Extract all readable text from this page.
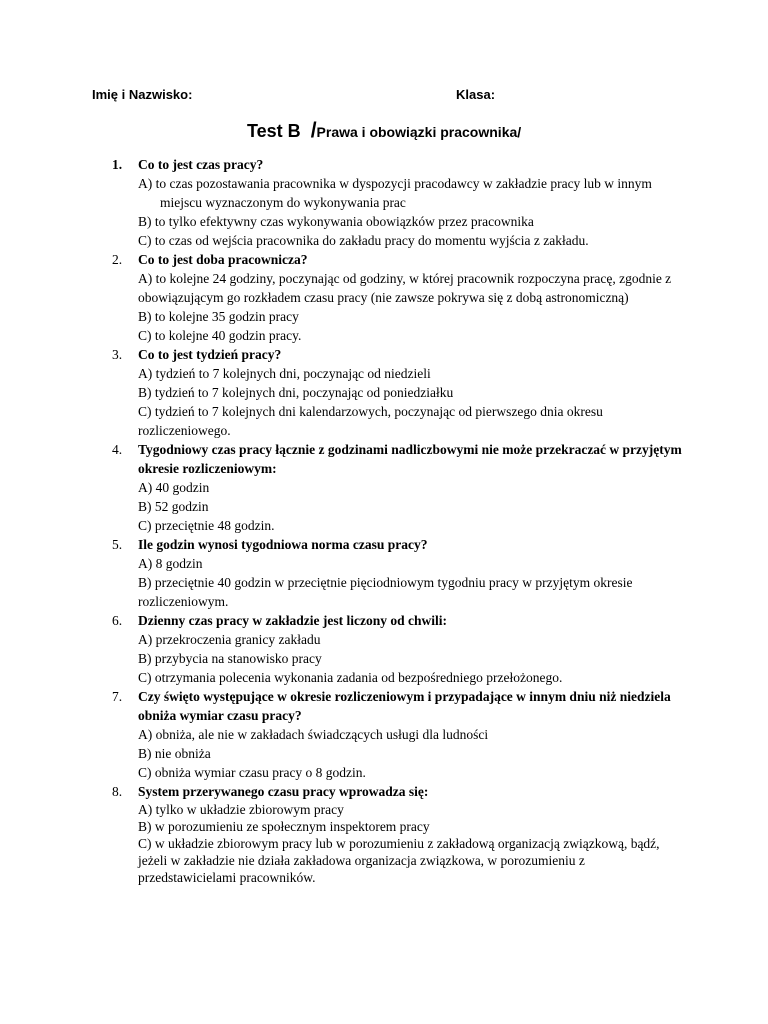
Imię i Nazwisko:	Klasa:
Test B /Prawa i obowiązki pracownika/
1.	Co to jest czas pracy?
A) to czas pozostawania pracownika w dyspozycji pracodawcy w zakładzie pracy lub w innym miejscu wyznaczonym do wykonywania prac
B) to tylko efektywny czas wykonywania obowiązków przez pracownika
C) to czas od wejścia pracownika do zakładu pracy do momentu wyjścia z zakładu.
2.	Co to jest doba pracownicza?
A) to kolejne 24 godziny, poczynając od godziny, w której pracownik rozpoczyna pracę, zgodnie z obowiązującym go rozkładem czasu pracy (nie zawsze pokrywa się z dobą astronomiczną)
B) to kolejne 35 godzin pracy
C) to kolejne 40 godzin pracy.
3.	Co to jest tydzień pracy?
A) tydzień to 7 kolejnych dni, poczynając od niedzieli
B) tydzień to 7 kolejnych dni, poczynając od poniedziałku
C) tydzień to 7 kolejnych dni kalendarzowych, poczynając od pierwszego dnia okresu rozliczeniowego.
4.	Tygodniowy czas pracy łącznie z godzinami nadliczbowymi nie może przekraczać w przyjętym okresie rozliczeniowym:
A) 40 godzin
B) 52 godzin
C) przeciętnie 48 godzin.
5.	Ile godzin wynosi tygodniowa norma czasu pracy?
A) 8 godzin
B) przeciętnie 40 godzin w przeciętnie pięciodniowym tygodniu pracy w przyjętym okresie rozliczeniowym.
6.	Dzienny czas pracy w zakładzie jest liczony od chwili:
A) przekroczenia granicy zakładu
B) przybycia na stanowisko pracy
C) otrzymania polecenia wykonania zadania od bezpośredniego przełożonego.
7.	Czy święto występujące w okresie rozliczeniowym i przypadające w innym dniu niż niedziela obniża wymiar czasu pracy?
A) obniża, ale nie w zakładach świadczących usługi dla ludności
B) nie obniża
C) obniża wymiar czasu pracy o 8 godzin.
8.	System przerywanego czasu pracy wprowadza się:
A) tylko w układzie zbiorowym pracy
B) w porozumieniu ze społecznym inspektorem pracy
C) w układzie zbiorowym pracy lub w porozumieniu z zakładową organizacją związkową, bądź, jeżeli w zakładzie nie działa zakładowa organizacja związkowa, w porozumieniu z przedstawicielami pracowników.
